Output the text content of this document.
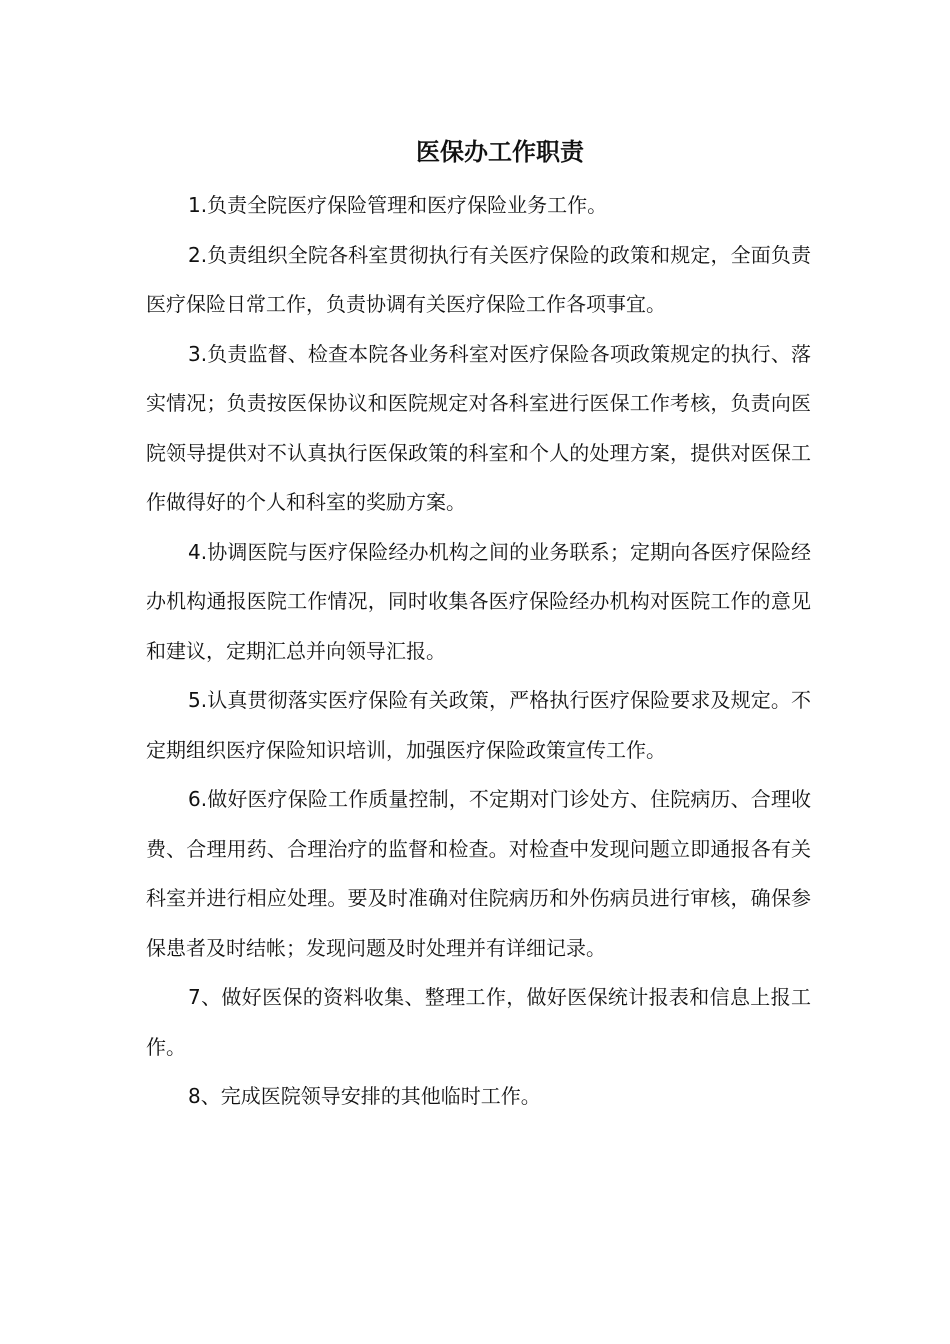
医保办工作职责

1.负责全院医疗保险管理和医疗保险业务工作。

2.负责组织全院各科室贯彻执行有关医疗保险的政策和规定，全面负责医疗保险日常工作，负责协调有关医疗保险工作各项事宜。

3.负责监督、检查本院各业务科室对医疗保险各项政策规定的执行、落实情况；负责按医保协议和医院规定对各科室进行医保工作考核，负责向医院领导提供对不认真执行医保政策的科室和个人的处理方案，提供对医保工作做得好的个人和科室的奖励方案。

4.协调医院与医疗保险经办机构之间的业务联系；定期向各医疗保险经办机构通报医院工作情况，同时收集各医疗保险经办机构对医院工作的意见和建议，定期汇总并向领导汇报。

5.认真贯彻落实医疗保险有关政策，严格执行医疗保险要求及规定。不定期组织医疗保险知识培训，加强医疗保险政策宣传工作。

6.做好医疗保险工作质量控制，不定期对门诊处方、住院病历、合理收费、合理用药、合理治疗的监督和检查。对检查中发现问题立即通报各有关科室并进行相应处理。要及时准确对住院病历和外伤病员进行审核，确保参保患者及时结帐；发现问题及时处理并有详细记录。

7、做好医保的资料收集、整理工作，做好医保统计报表和信息上报工作。

8、完成医院领导安排的其他临时工作。
